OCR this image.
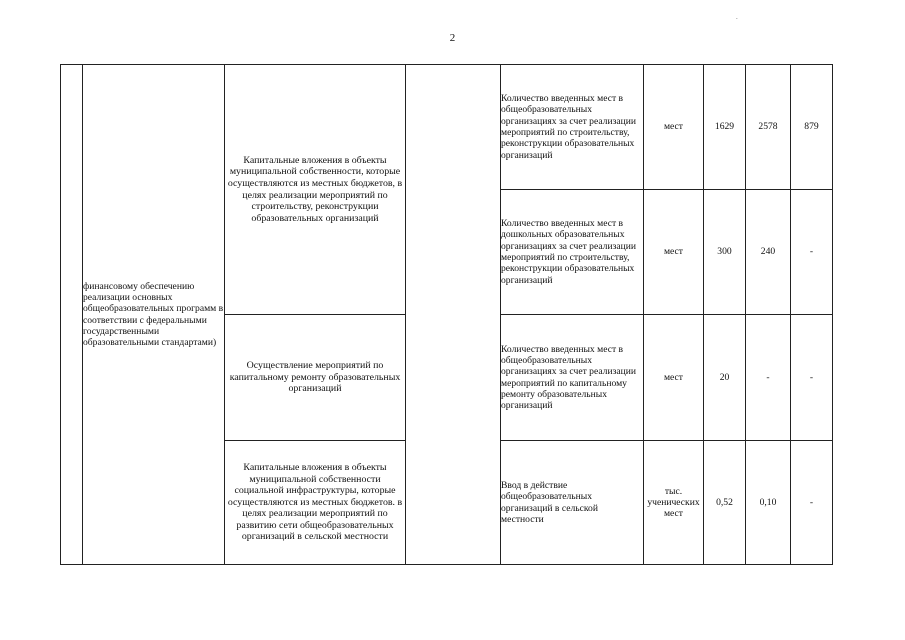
.
2
	финансовому обеспечению реализации основных общеобразовательных программ в соответствии с федеральными государственными образовательными стандартами)	Капитальные вложения в объекты муниципальной собственности, которые осуществляются из местных бюджетов, в целях реализации мероприятий по строительству, реконструкции образовательных организаций		Количество введенных мест в общеобразовательных организациях за счет реализации мероприятий по строительству, реконструкции образовательных организаций	мест	1629	2578	879
				Количество введенных мест в дошкольных образовательных организациях за счет реализации мероприятий по строительству, реконструкции образовательных организаций	мест	300	240	-
		Осуществление мероприятий по капитальному ремонту образовательных организаций		Количество введенных мест в общеобразовательных организациях за счет реализации мероприятий по капитальному ремонту образовательных организаций	мест	20	-	-
		Капитальные вложения в объекты муниципальной собственности социальной инфраструктуры, которые осуществляются из местных бюджетов. в целях реализации мероприятий по развитию сети общеобразовательных организаций в сельской местности		Ввод в действие общеобразовательных организаций в сельской местности	тыс. ученических мест	0,52	0,10	-
